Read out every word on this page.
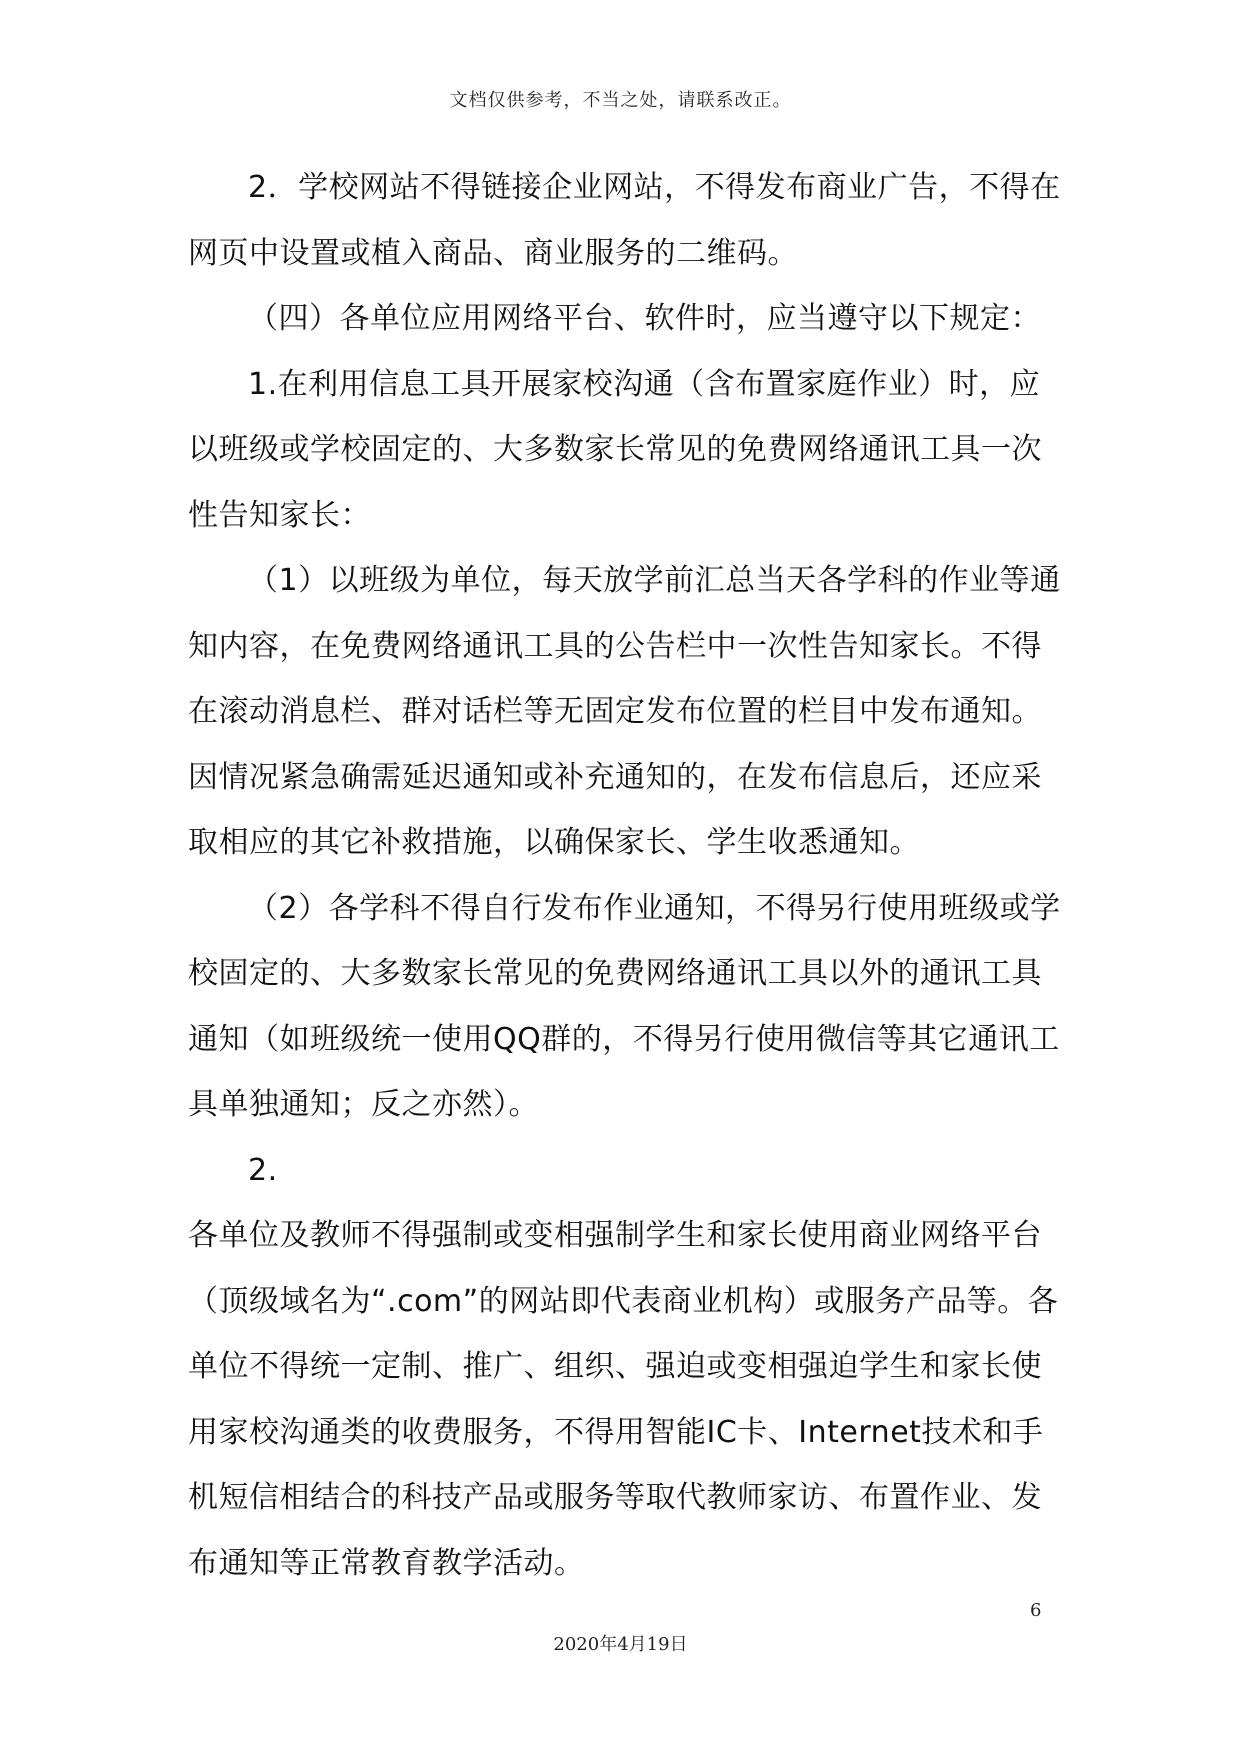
文档仅供参考，不当之处，请联系改正。

2．学校网站不得链接企业网站，不得发布商业广告，不得在网页中设置或植入商品、商业服务的二维码。

（四）各单位应用网络平台、软件时，应当遵守以下规定：

1.在利用信息工具开展家校沟通（含布置家庭作业）时，应以班级或学校固定的、大多数家长常见的免费网络通讯工具一次性告知家长：

（1）以班级为单位，每天放学前汇总当天各学科的作业等通知内容，在免费网络通讯工具的公告栏中一次性告知家长。不得在滚动消息栏、群对话栏等无固定发布位置的栏目中发布通知。因情况紧急确需延迟通知或补充通知的，在发布信息后，还应采取相应的其它补救措施，以确保家长、学生收悉通知。

（2）各学科不得自行发布作业通知，不得另行使用班级或学校固定的、大多数家长常见的免费网络通讯工具以外的通讯工具通知（如班级统一使用QQ群的，不得另行使用微信等其它通讯工具单独通知；反之亦然）。

2.

各单位及教师不得强制或变相强制学生和家长使用商业网络平台（顶级域名为“.com”的网站即代表商业机构）或服务产品等。各单位不得统一定制、推广、组织、强迫或变相强迫学生和家长使用家校沟通类的收费服务，不得用智能IC卡、Internet技术和手机短信相结合的科技产品或服务等取代教师家访、布置作业、发布通知等正常教育教学活动。

6
2020年4月19日
